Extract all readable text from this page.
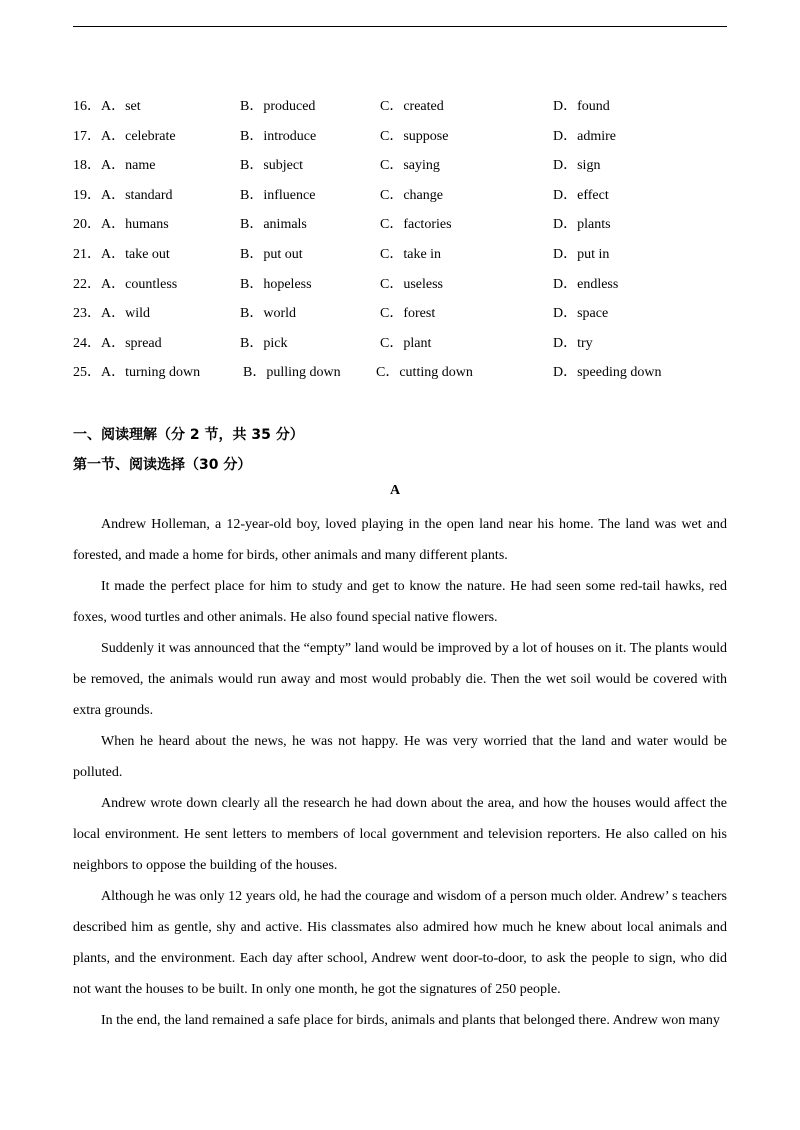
16．A．set	B．produced	C．created	D．found
17．A．celebrate	B．introduce	C．suppose	D．admire
18．A．name	B．subject	C．saying	D．sign
19．A．standard	B．influence	C．change	D．effect
20．A．humans	B．animals	C．factories	D．plants
21．A．take out	B．put out	C．take in	D．put in
22．A．countless	B．hopeless	C．useless	D．endless
23．A．wild	B．world	C．forest	D．space
24．A．spread	B．pick	C．plant	D．try
25．A．turning down	B．pulling down	C．cutting down	D．speeding down
一、阅读理解（分 2 节，共 35 分）
第一节、阅读选择（30 分）
A

Andrew Holleman, a 12-year-old boy, loved playing in the open land near his home. The land was wet and forested, and made a home for birds, other animals and many different plants.

It made the perfect place for him to study and get to know the nature. He had seen some red-tail hawks, red foxes, wood turtles and other animals. He also found special native flowers.

Suddenly it was announced that the “empty” land would be improved by a lot of houses on it. The plants would be removed, the animals would run away and most would probably die. Then the wet soil would be covered with extra grounds.

When he heard about the news, he was not happy. He was very worried that the land and water would be polluted.

Andrew wrote down clearly all the research he had down about the area, and how the houses would affect the local environment. He sent letters to members of local government and television reporters. He also called on his neighbors to oppose the building of the houses.

Although he was only 12 years old, he had the courage and wisdom of a person much older. Andrew’ s teachers described him as gentle, shy and active. His classmates also admired how much he knew about local animals and plants, and the environment. Each day after school, Andrew went door-to-door, to ask the people to sign, who did not want the houses to be built. In only one month, he got the signatures of 250 people.

In the end, the land remained a safe place for birds, animals and plants that belonged there. Andrew won many
